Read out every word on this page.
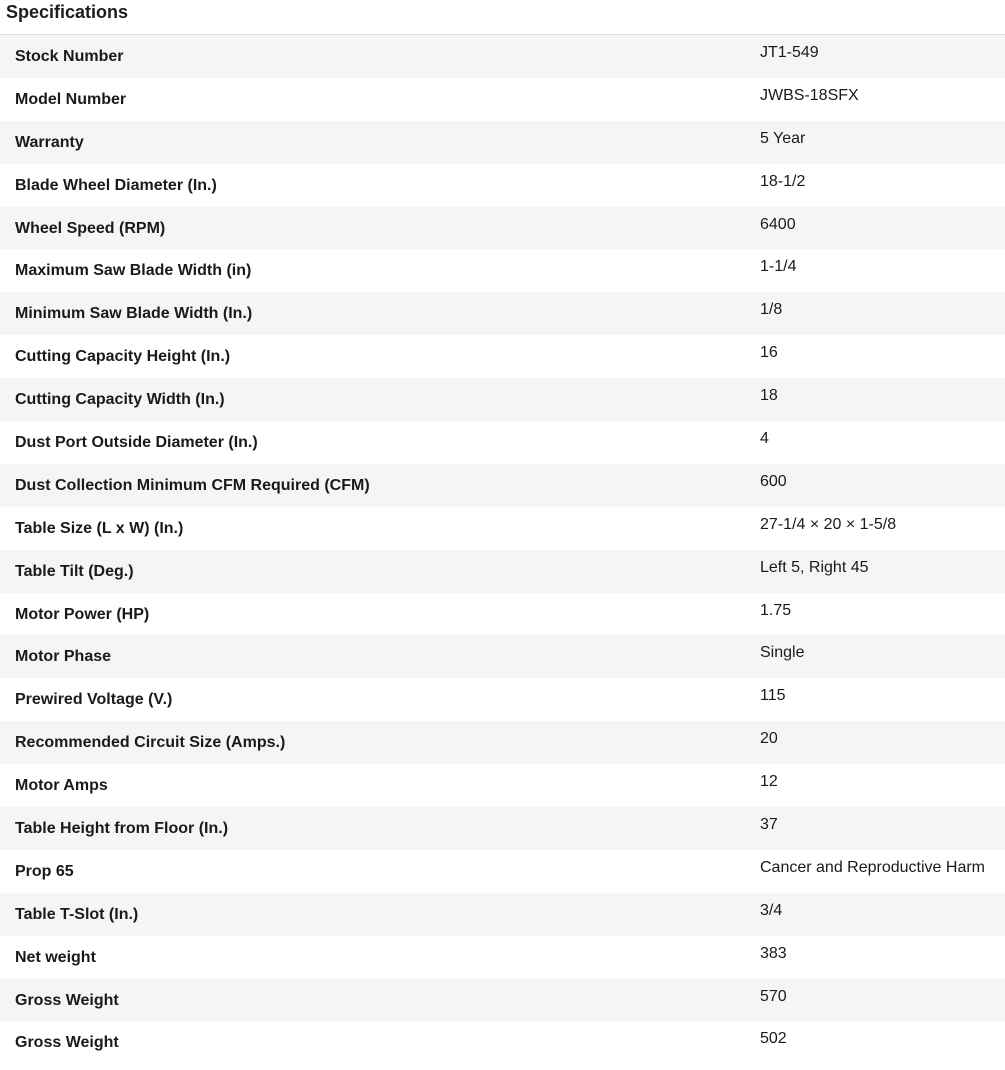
Specifications
Stock Number	JT1-549
Model Number	JWBS-18SFX
Warranty	5 Year
Blade Wheel Diameter (In.)	18-1/2
Wheel Speed (RPM)	6400
Maximum Saw Blade Width (in)	1-1/4
Minimum Saw Blade Width (In.)	1/8
Cutting Capacity Height (In.)	16
Cutting Capacity Width (In.)	18
Dust Port Outside Diameter (In.)	4
Dust Collection Minimum CFM Required (CFM)	600
Table Size (L x W) (In.)	27-1/4 × 20 × 1-5/8
Table Tilt (Deg.)	Left 5, Right 45
Motor Power (HP)	1.75
Motor Phase	Single
Prewired Voltage (V.)	115
Recommended Circuit Size (Amps.)	20
Motor Amps	12
Table Height from Floor (In.)	37
Prop 65	Cancer and Reproductive Harm
Table T-Slot (In.)	3/4
Net weight	383
Gross Weight	570
Gross Weight	502
